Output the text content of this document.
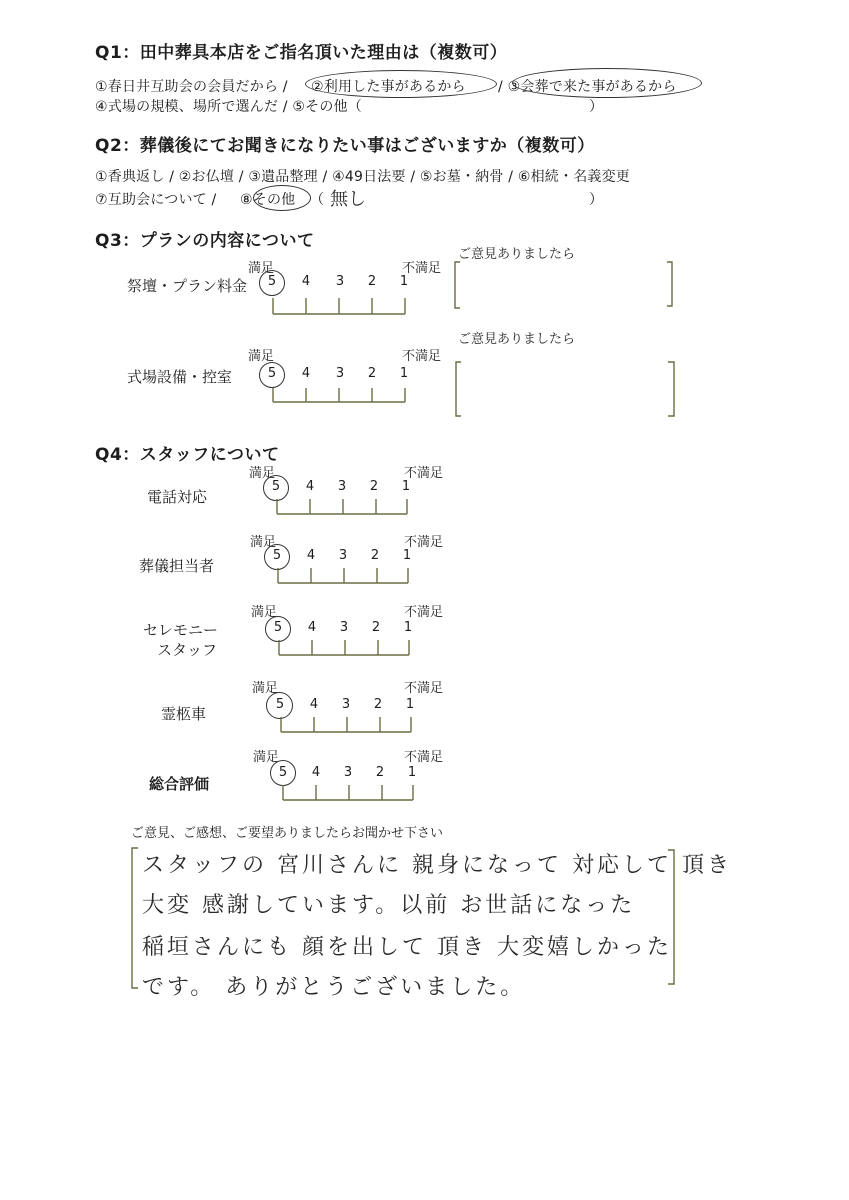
Q1：田中葬具本店をご指名頂いた理由は（複数可）
①春日井互助会の会員だから / ②利用した事があるから / ③会葬で来た事があるから
④式場の規模、場所で選んだ / ⑤その他（	）
Q2：葬儀後にてお聞きになりたい事はございますか（複数可）
①香典返し / ②お仏壇 / ③遺品整理 / ④49日法要 / ⑤お墓・納骨 / ⑥相続・名義変更
⑦互助会について / ⑧その他 （ 無し	）
Q3：プランの内容について
満足	不満足
ご意見ありましたら
祭壇・プラン料金	5	4	3	2	1
満足	不満足
ご意見ありましたら
式場設備・控室	5	4	3	2	1
Q4：スタッフについて
満足	不満足
電話対応
5	4	3	2	1
満足	不満足
葬儀担当者
5	4	3	2	1
満足	不満足
セレモニー
スタッフ
5	4	3	2	1
満足	不満足
霊柩車
5	4	3	2	1
満足	不満足
総合評価
5	4	3	2	1
ご意見、ご感想、ご要望ありましたらお聞かせ下さい
スタッフの 宮川さんに 親身になって 対応して 頂き
大変 感謝しています。以前 お世話になった
稲垣さんにも 顔を出して 頂き 大変嬉しかった
です。 ありがとうございました。
